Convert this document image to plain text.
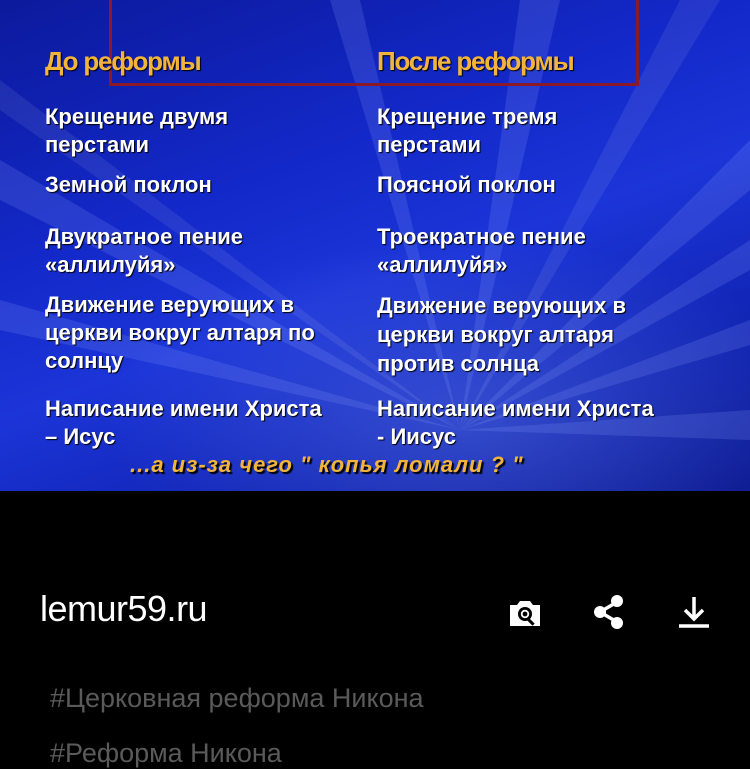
До реформы	После реформы
Крещение двумя
перстами
Крещение тремя
перстами
Земной поклон	Поясной поклон
Двукратное пение
«аллилуйя»
Троекратное пение
«аллилуйя»
Движение верующих в
церкви вокруг алтаря по
солнцу
Движение верующих в
церкви вокруг алтаря
против солнца
Написание имени Христа
– Исус
Написание имени Христа
- Иисус
...а из-за чего " копья ломали ? "
lemur59.ru
#Церковная реформа Никона
#Реформа Никона
